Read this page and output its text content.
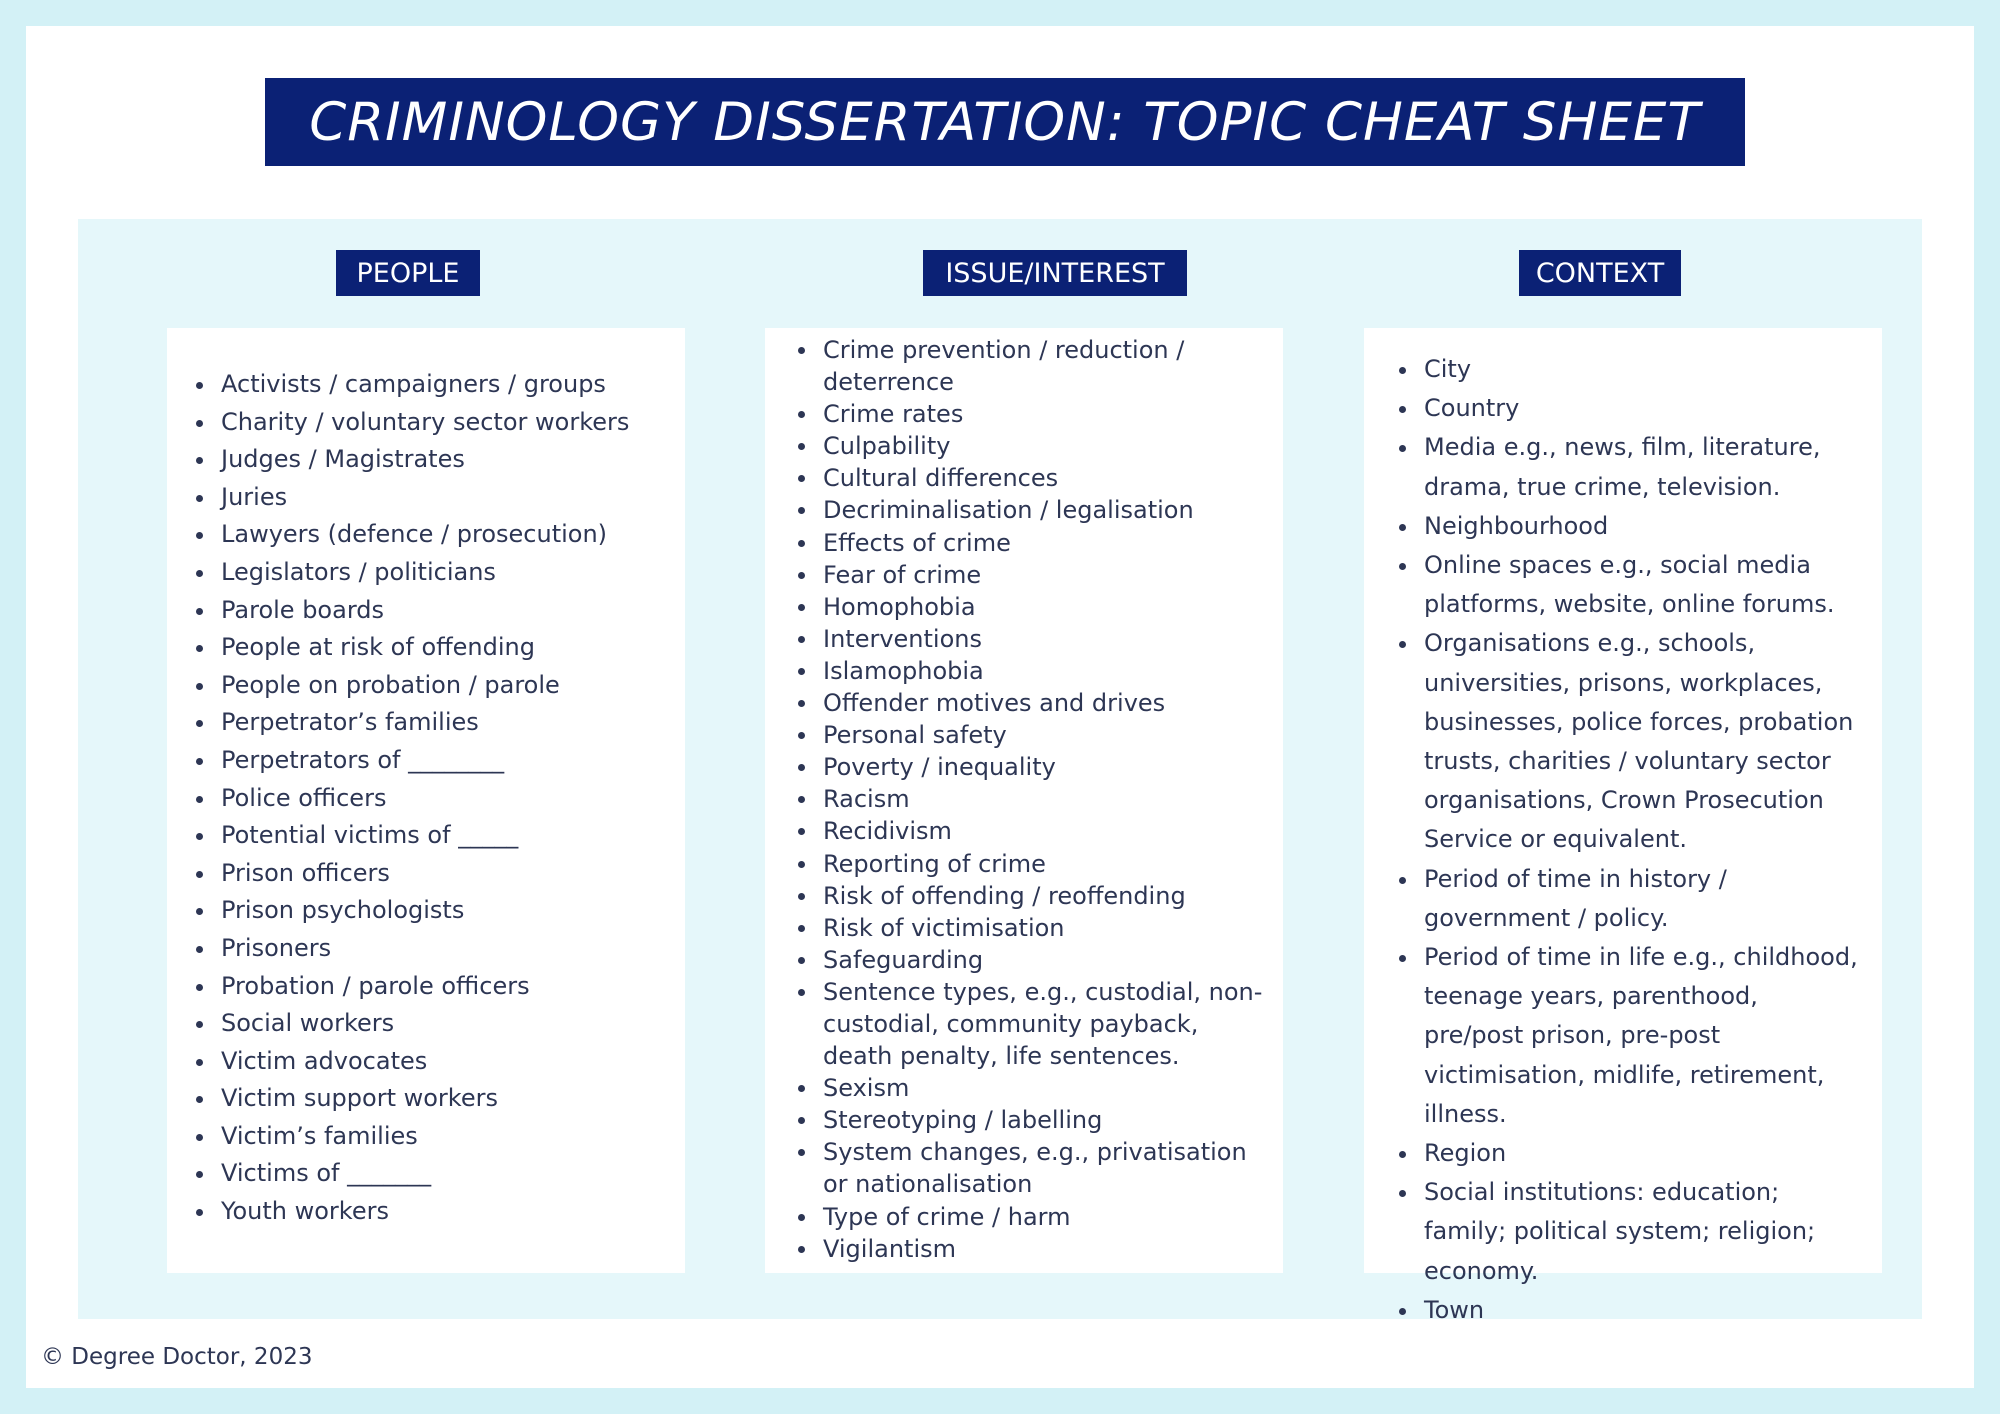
CRIMINOLOGY DISSERTATION: TOPIC CHEAT SHEET
PEOPLE	ISSUE/INTEREST	CONTEXT
Activists / campaigners / groups
Charity / voluntary sector workers
Judges / Magistrates
Juries
Lawyers (defence / prosecution)
Legislators / politicians
Parole boards
People at risk of offending
People on probation / parole
Perpetrator’s families
Perpetrators of ________
Police officers
Potential victims of _____
Prison officers
Prison psychologists
Prisoners
Probation / parole officers
Social workers
Victim advocates
Victim support workers
Victim’s families
Victims of _______
Youth workers
Crime prevention / reduction / deterrence
Crime rates
Culpability
Cultural differences
Decriminalisation / legalisation
Effects of crime
Fear of crime
Homophobia
Interventions
Islamophobia
Offender motives and drives
Personal safety
Poverty / inequality
Racism
Recidivism
Reporting of crime
Risk of offending / reoffending
Risk of victimisation
Safeguarding
Sentence types, e.g., custodial, non-custodial, community payback, death penalty, life sentences.
Sexism
Stereotyping / labelling
System changes, e.g., privatisation or nationalisation
Type of crime / harm
Vigilantism
City
Country
Media e.g., news, film, literature, drama, true crime, television.
Neighbourhood
Online spaces e.g., social media platforms, website, online forums.
Organisations e.g., schools, universities, prisons, workplaces, businesses, police forces, probation trusts, charities / voluntary sector organisations, Crown Prosecution Service or equivalent.
Period of time in history / government / policy.
Period of time in life e.g., childhood, teenage years, parenthood, pre/post prison, pre-post victimisation, midlife, retirement, illness.
Region
Social institutions: education; family; political system; religion; economy.
Town
© Degree Doctor, 2023
